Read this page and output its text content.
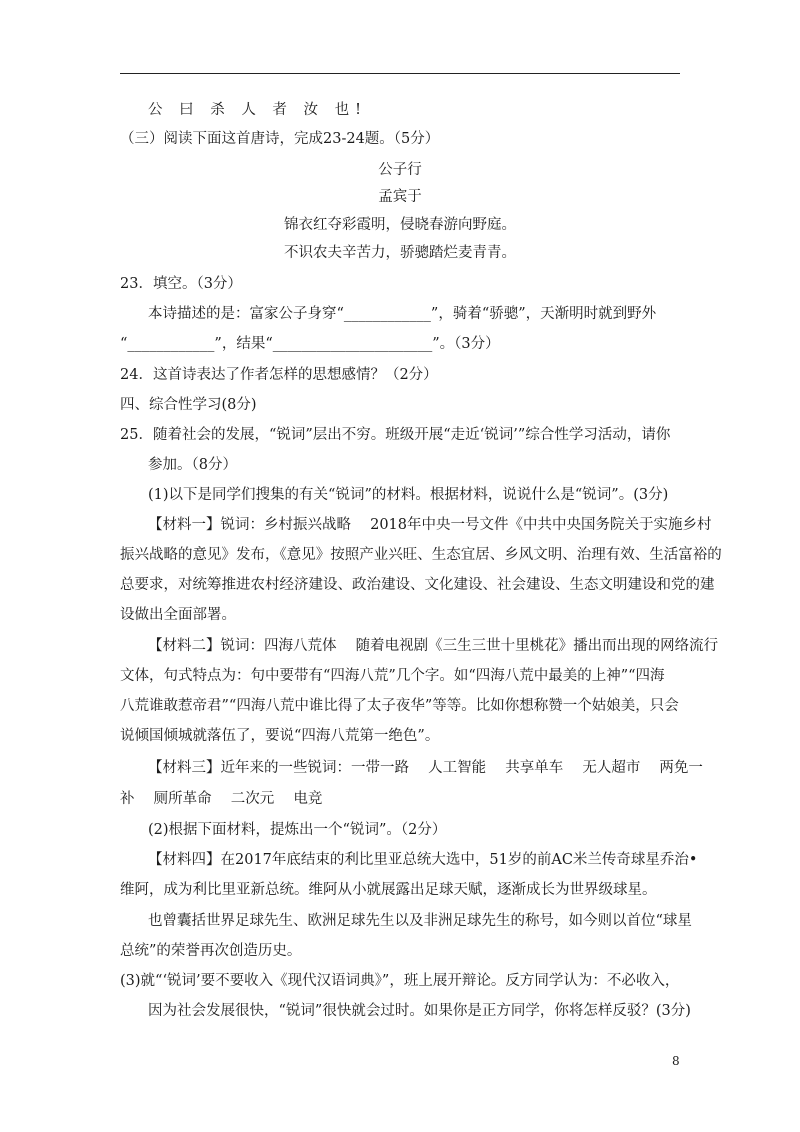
公 曰 杀 人 者 汝 也!
（三）阅读下面这首唐诗，完成23-24题。（5分）
公子行
孟宾于
锦衣红夺彩霞明，侵晓春游向野庭。
不识农夫辛苦力，骄骢踏烂麦青青。
23．填空。（3分）
本诗描述的是：富家公子身穿“____________”，骑着“骄骢”，天渐明时就到野外
“____________”，结果“______________________”。（3分）
24．这首诗表达了作者怎样的思想感情？（2分）
四、综合性学习(8分)
25．随着社会的发展，“锐词”层出不穷。班级开展“走近‘锐词’”综合性学习活动，请你
参加。（8分）
(1)以下是同学们搜集的有关“锐词”的材料。根据材料，说说什么是“锐词”。(3分)
【材料一】锐词：乡村振兴战略　 2018年中央一号文件《中共中央国务院关于实施乡村
振兴战略的意见》发布，《意见》按照产业兴旺、生态宜居、乡风文明、治理有效、生活富裕的
总要求，对统筹推进农村经济建设、政治建设、文化建设、社会建设、生态文明建设和党的建
设做出全面部署。
【材料二】锐词：四海八荒体　 随着电视剧《三生三世十里桃花》播出而出现的网络流行
文体，句式特点为：句中要带有“四海八荒”几个字。如“四海八荒中最美的上神”“四海
八荒谁敢惹帝君”“四海八荒中谁比得了太子夜华”等等。比如你想称赞一个姑娘美，只会
说倾国倾城就落伍了，要说“四海八荒第一绝色”。
【材料三】近年来的一些锐词：一带一路　 人工智能　 共享单车　 无人超市　 两免一
补　 厕所革命　 二次元　 电竞
(2)根据下面材料，提炼出一个“锐词”。（2分）
【材料四】在2017年底结束的利比里亚总统大选中，51岁的前AC米兰传奇球星乔治•
维阿，成为利比里亚新总统。维阿从小就展露出足球天赋，逐渐成长为世界级球星。
也曾囊括世界足球先生、欧洲足球先生以及非洲足球先生的称号，如今则以首位“球星
总统”的荣誉再次创造历史。
(3)就“‘锐词’要不要收入《现代汉语词典》”，班上展开辩论。反方同学认为：不必收入，
因为社会发展很快，“锐词”很快就会过时。如果你是正方同学，你将怎样反驳？(3分)
8
